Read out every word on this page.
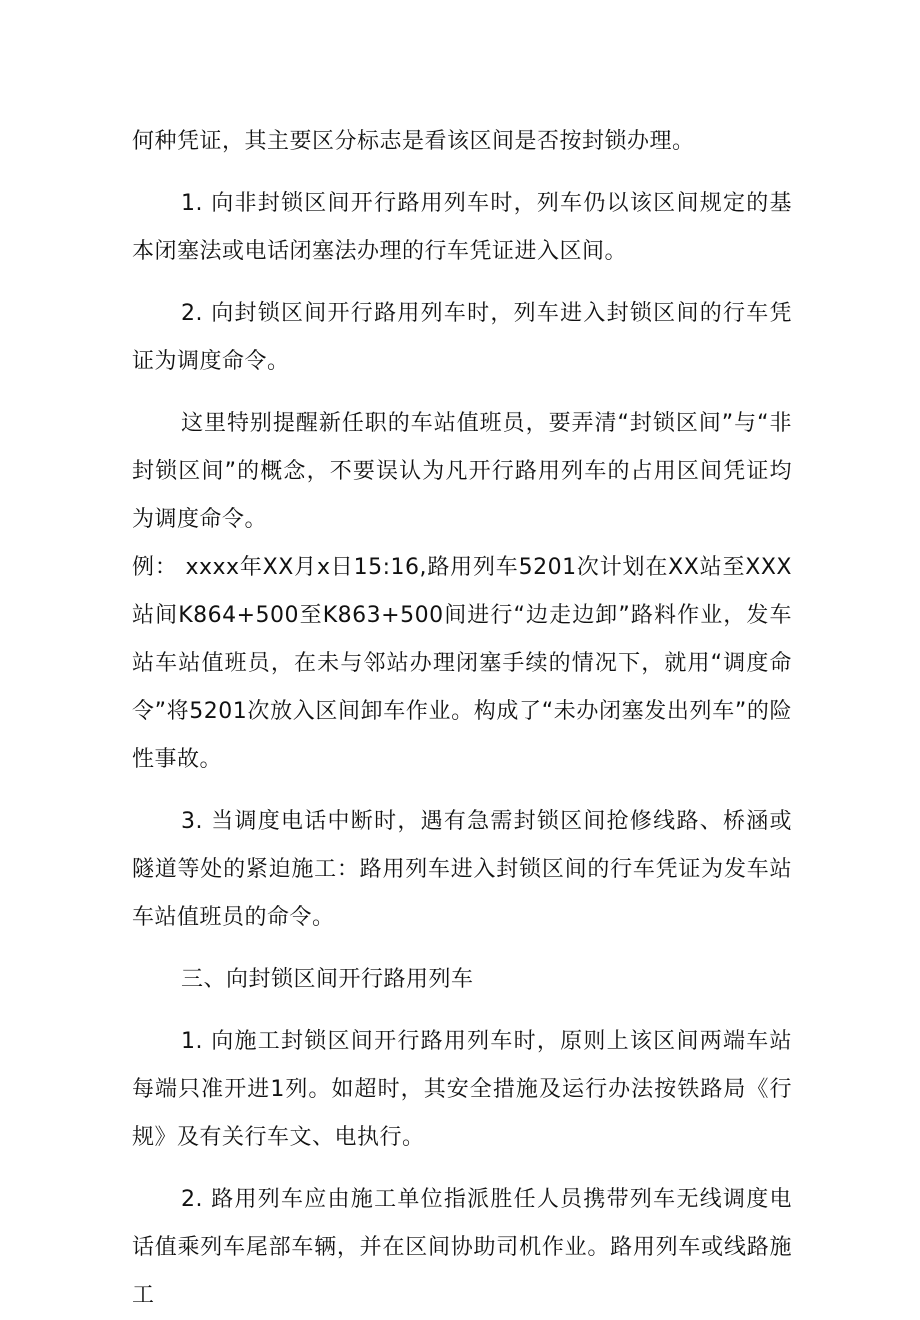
何种凭证，其主要区分标志是看该区间是否按封锁办理。

1. 向非封锁区间开行路用列车时，列车仍以该区间规定的基本闭塞法或电话闭塞法办理的行车凭证进入区间。

2. 向封锁区间开行路用列车时，列车进入封锁区间的行车凭证为调度命令。

这里特别提醒新任职的车站值班员，要弄清“封锁区间”与“非封锁区间”的概念，不要误认为凡开行路用列车的占用区间凭证均为调度命令。

例： xxxx年XX月x日15:16,路用列车5201次计划在XX站至XXX站间K864+500至K863+500间进行“边走边卸”路料作业，发车站车站值班员，在未与邻站办理闭塞手续的情况下，就用“调度命令”将5201次放入区间卸车作业。构成了“未办闭塞发出列车”的险性事故。

3. 当调度电话中断时，遇有急需封锁区间抢修线路、桥涵或隧道等处的紧迫施工：路用列车进入封锁区间的行车凭证为发车站车站值班员的命令。

三、向封锁区间开行路用列车

1. 向施工封锁区间开行路用列车时，原则上该区间两端车站每端只准开进1列。如超时，其安全措施及运行办法按铁路局《行规》及有关行车文、电执行。

2. 路用列车应由施工单位指派胜任人员携带列车无线调度电话值乘列车尾部车辆，并在区间协助司机作业。路用列车或线路施工
